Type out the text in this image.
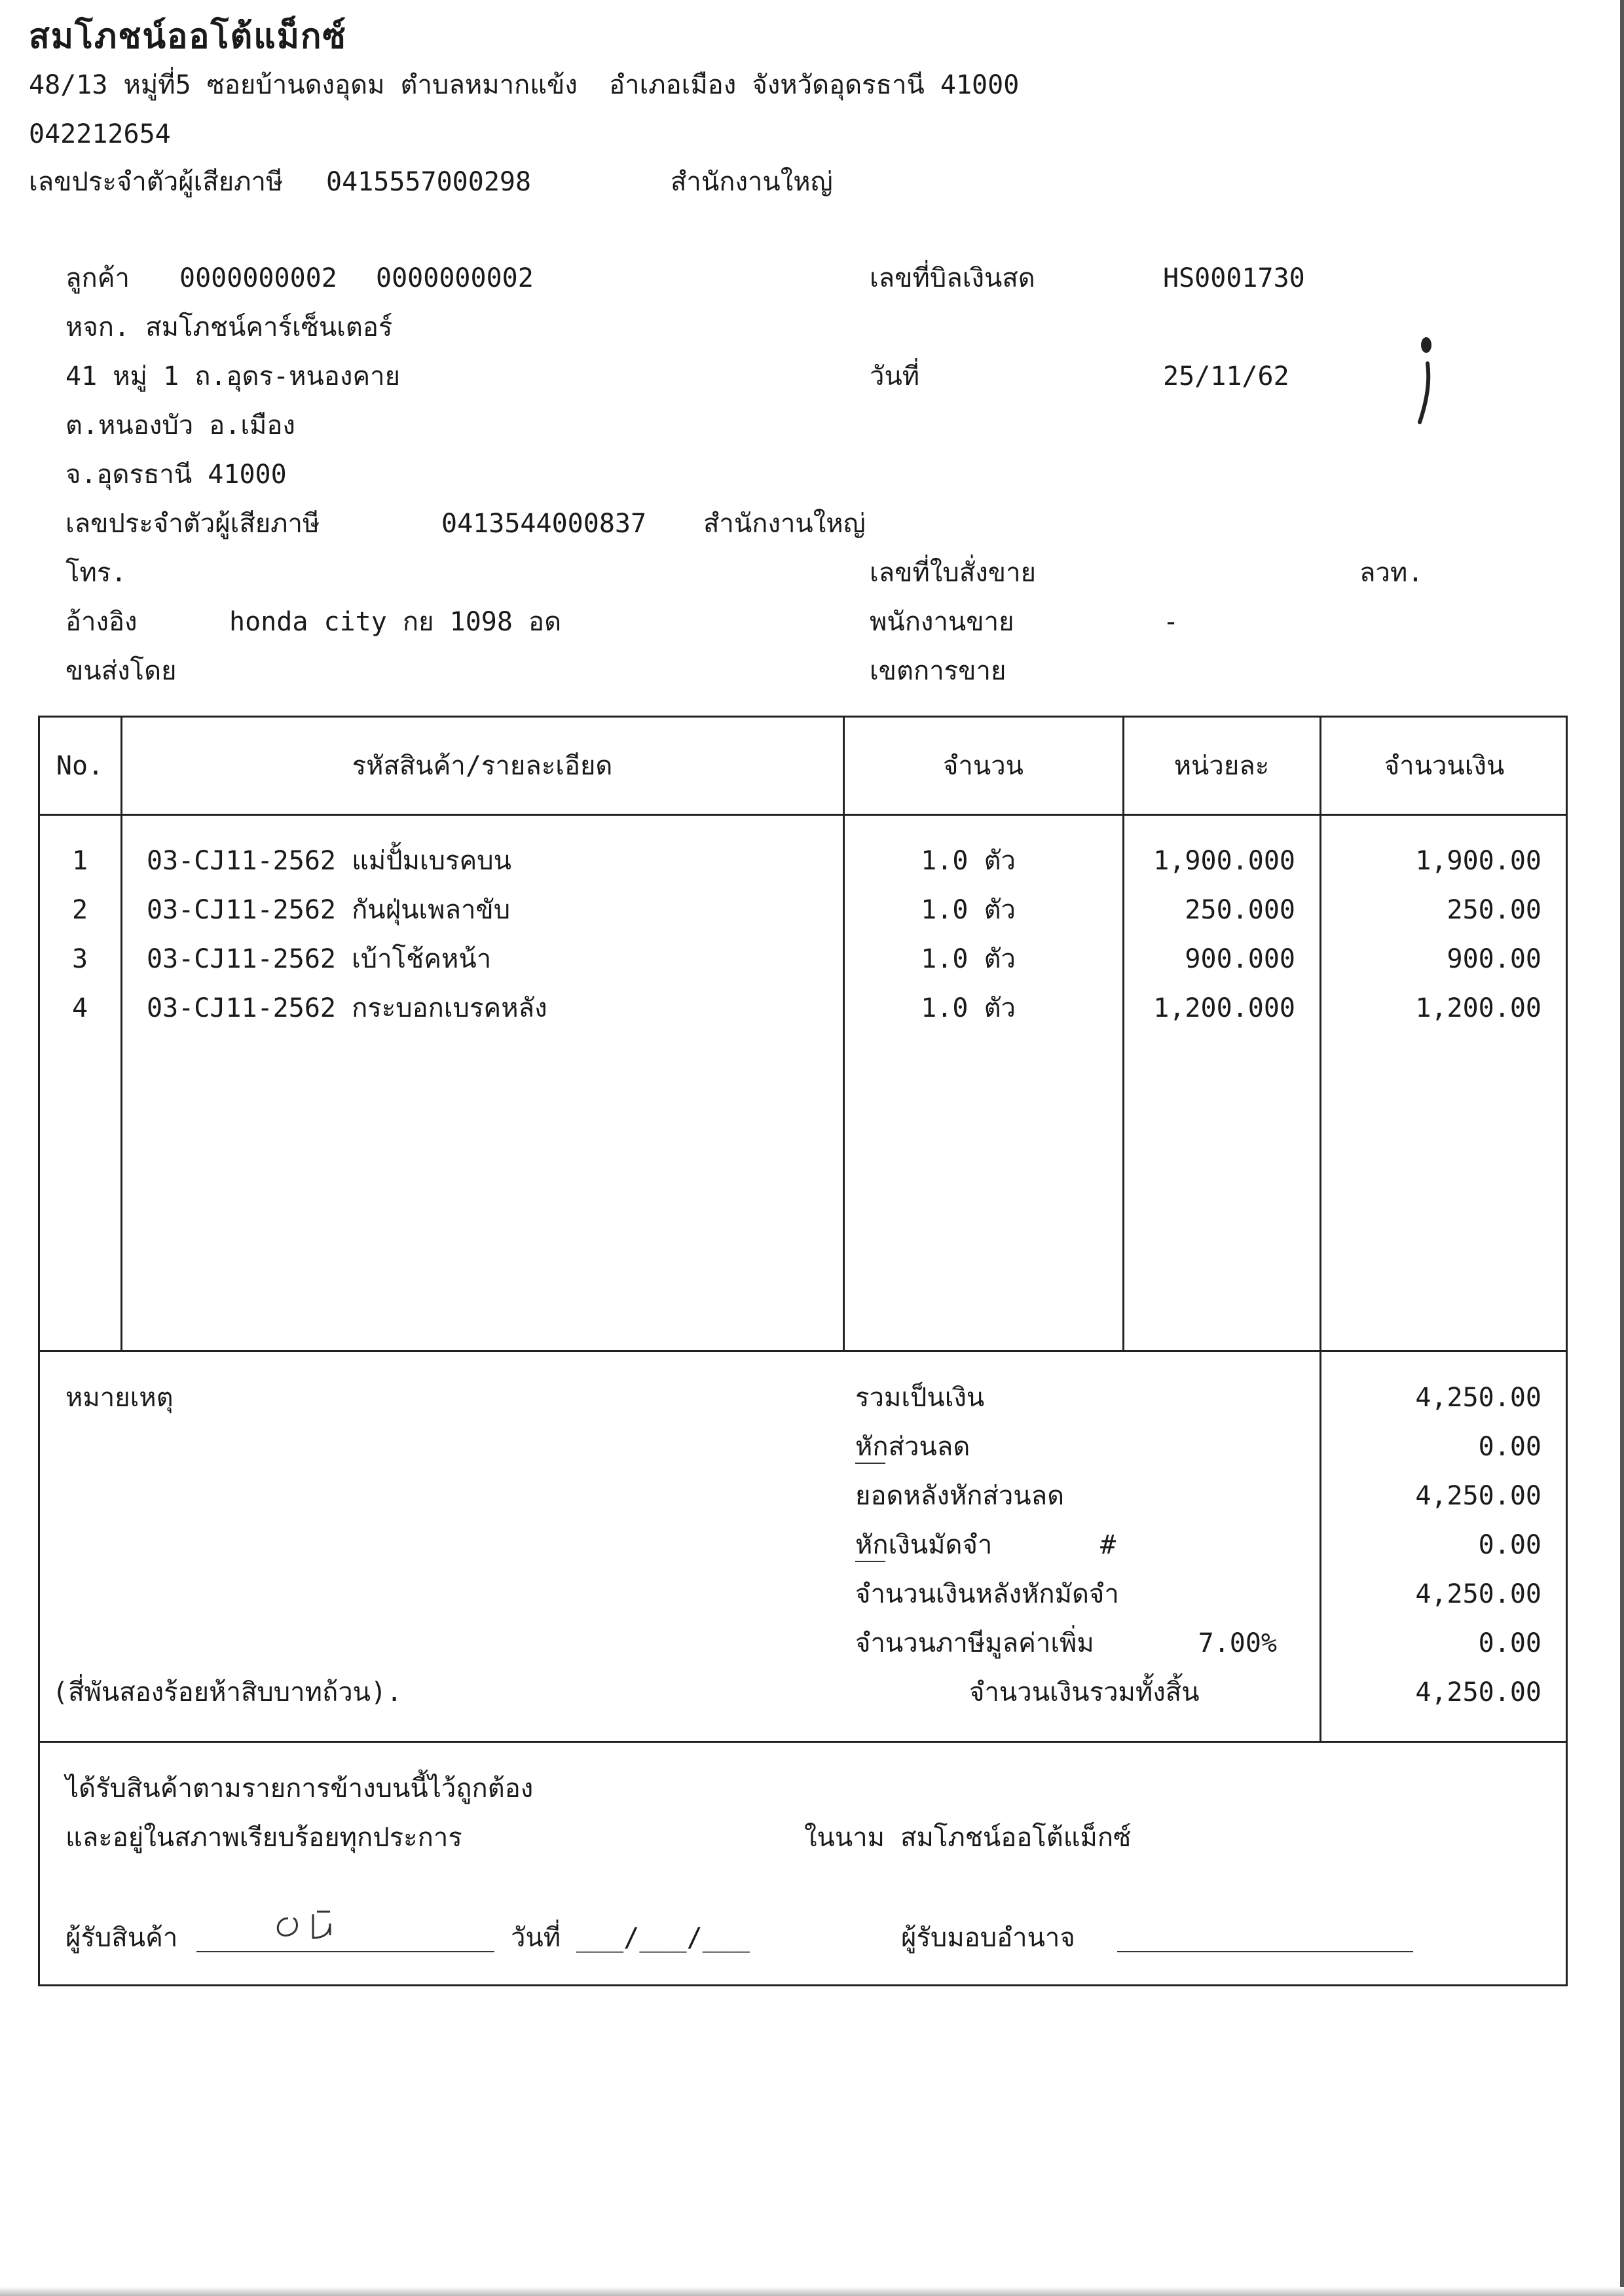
สมโภชน์ออโต้แม็กซ์
48/13 หมู่ที่5 ซอยบ้านดงอุดม ตำบลหมากแข้ง  อำเภอเมือง จังหวัดอุดรธานี 41000
042212654
เลขประจำตัวผู้เสียภาษี 0415557000298	สำนักงานใหญ่
ลูกค้า 0000000002 0000000002
หจก. สมโภชน์คาร์เซ็นเตอร์
41 หมู่ 1 ถ.อุดร-หนองคาย
ต.หนองบัว อ.เมือง
จ.อุดรธานี 41000
เลขประจำตัวผู้เสียภาษี	0413544000837 สำนักงานใหญ่
โทร.
อ้างอิง	honda city กย 1098 อด
ขนส่งโดย
เลขที่บิลเงินสด	HS0001730
วันที่	25/11/62
เลขที่ใบสั่งขาย	ลวท.
พนักงานขาย	-
เขตการขาย
No.	รหัสสินค้า/รายละเอียด	จำนวน	หน่วยละ	จำนวนเงิน
1	03-CJ11-2562 แม่ปั้มเบรคบน	1.0 ตัว	1,900.000	1,900.00
2	03-CJ11-2562 กันฝุ่นเพลาขับ	1.0 ตัว	250.000	250.00
3	03-CJ11-2562 เบ้าโช้คหน้า	1.0 ตัว	900.000	900.00
4	03-CJ11-2562 กระบอกเบรคหลัง	1.0 ตัว	1,200.000	1,200.00
หมายเหตุ	รวมเป็นเงิน	4,250.00
หักส่วนลด	0.00
ยอดหลังหักส่วนลด	4,250.00
หักเงินมัดจำ	#	0.00
จำนวนเงินหลังหักมัดจำ	4,250.00
จำนวนภาษีมูลค่าเพิ่ม	7.00%	0.00
(สี่พันสองร้อยห้าสิบบาทถ้วน).	จำนวนเงินรวมทั้งสิ้น	4,250.00
ได้รับสินค้าตามรายการข้างบนนี้ไว้ถูกต้อง
และอยู่ในสภาพเรียบร้อยทุกประการ	ในนาม สมโภชน์ออโต้แม็กซ์
ผู้รับสินค้า	วันที่ ___/___/___	ผู้รับมอบอำนาจ
